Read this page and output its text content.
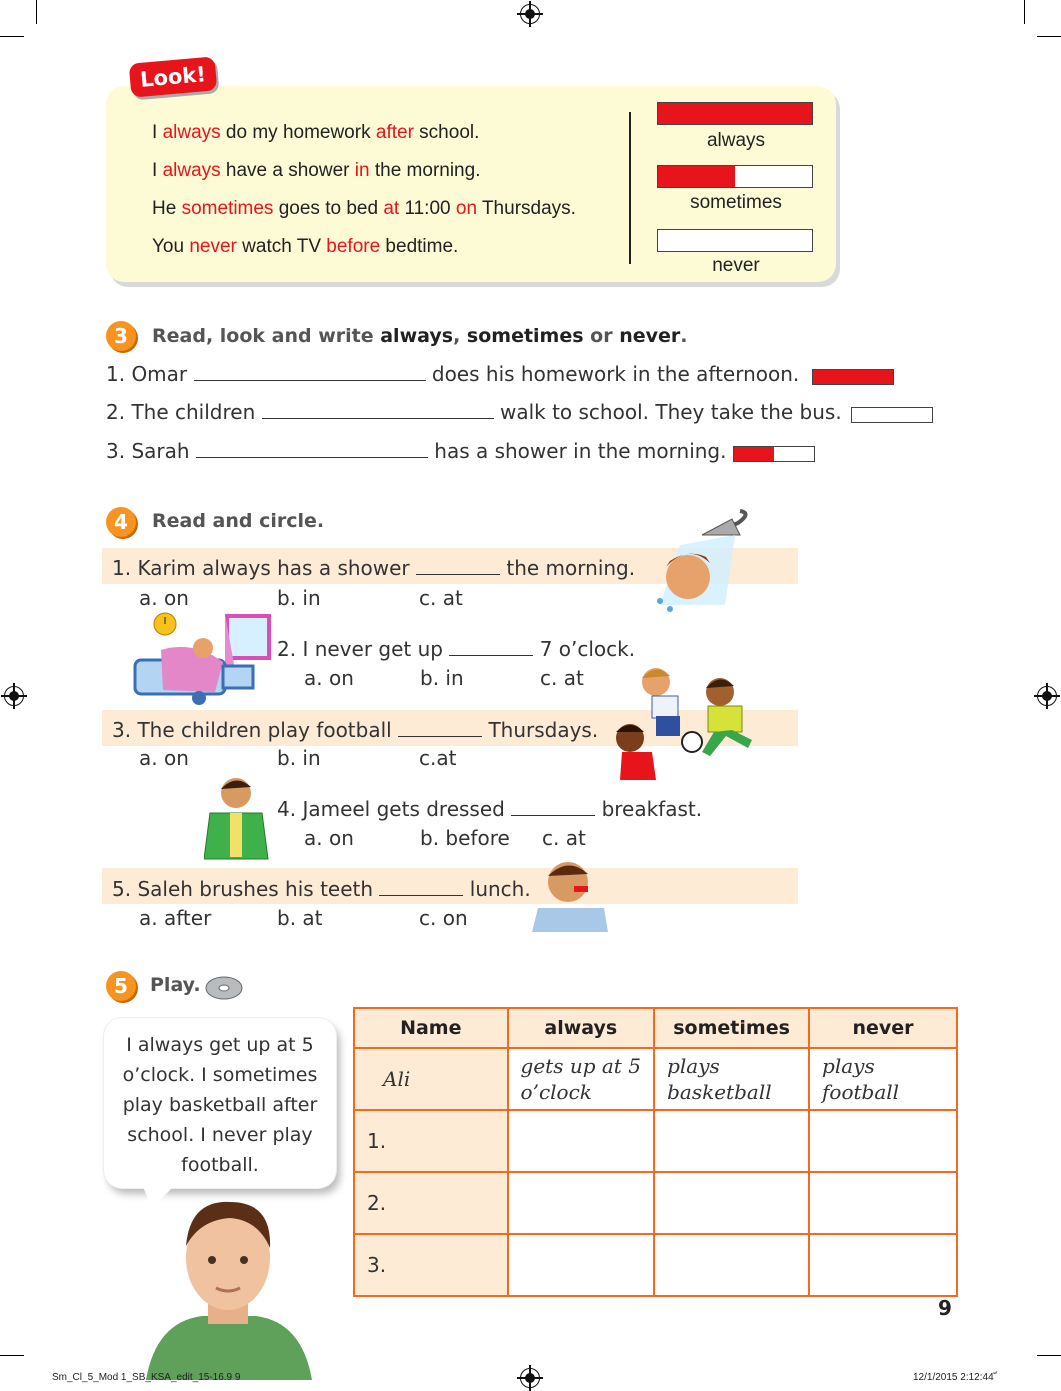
Look!
I always do my homework after school.
I always have a shower in the morning.
He sometimes goes to bed at 11:00 on Thursdays.
You never watch TV before bedtime.
always
sometimes
never
3	Read, look and write always, sometimes or never.
1. Omar	does his homework in the afternoon.
2. The children	walk to school. They take the bus.
3. Sarah	has a shower in the morning.
4	Read and circle.
1. Karim always has a shower	the morning.
a. on	b. in	c. at
2. I never get up	7 o’clock.
a. on	b. in	c. at
3. The children play football	Thursdays.
a. on	b. in	c.at
4. Jameel gets dressed	breakfast.
a. on	b. before c. at
5. Saleh brushes his teeth	lunch.
a. after	b. at	c. on
5	Play.
I always get up at 5 o’clock. I sometimes play basketball after school. I never play football.
Name	always	sometimes	never
Ali	gets up at 5 o’clock	plays basketball	plays football
1.			
2.			
3.			
9
Sm_Cl_5_Mod 1_SB_KSA_edit_15-16.9 9	12/1/2015 2:12:44 ّ
